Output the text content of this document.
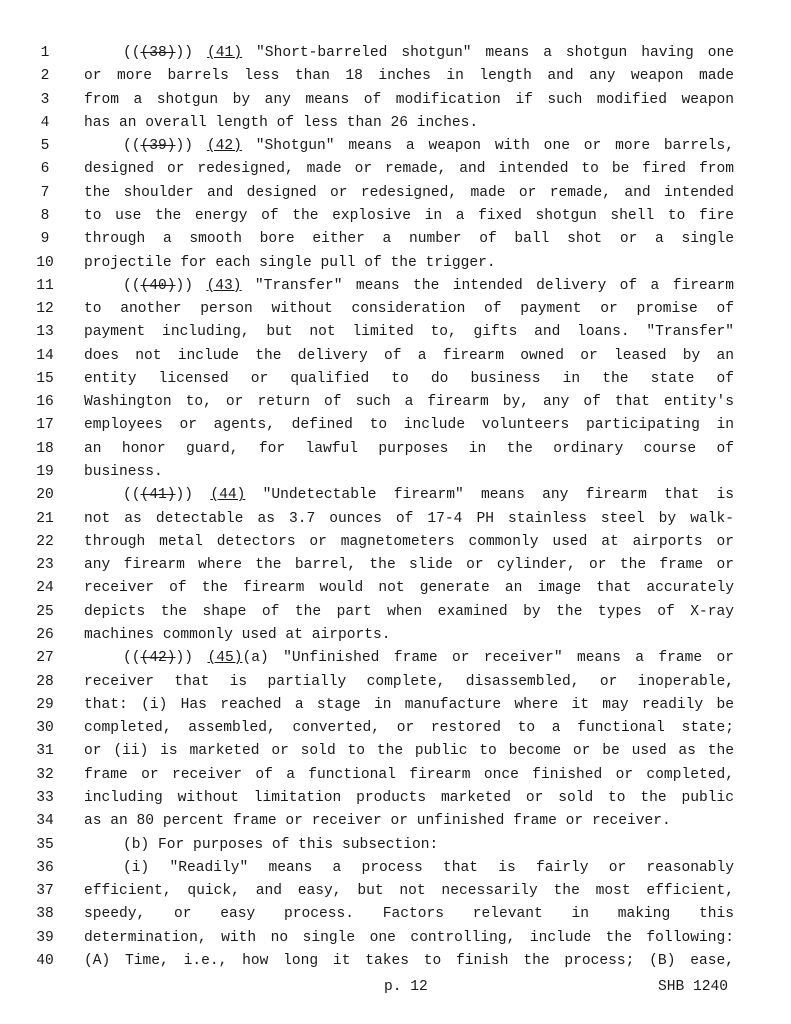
1	(((38))) (41) "Short-barreled shotgun" means a shotgun having one
2	or more barrels less than 18 inches in length and any weapon made
3	from a shotgun by any means of modification if such modified weapon
4	has an overall length of less than 26 inches.
5	(((39))) (42) "Shotgun" means a weapon with one or more barrels,
6	designed or redesigned, made or remade, and intended to be fired from
7	the shoulder and designed or redesigned, made or remade, and intended
8	to use the energy of the explosive in a fixed shotgun shell to fire
9	through a smooth bore either a number of ball shot or a single
10	projectile for each single pull of the trigger.
11	(((40))) (43) "Transfer" means the intended delivery of a firearm
12	to another person without consideration of payment or promise of
13	payment including, but not limited to, gifts and loans. "Transfer"
14	does not include the delivery of a firearm owned or leased by an
15	entity licensed or qualified to do business in the state of
16	Washington to, or return of such a firearm by, any of that entity's
17	employees or agents, defined to include volunteers participating in
18	an honor guard, for lawful purposes in the ordinary course of
19	business.
20	(((41))) (44) "Undetectable firearm" means any firearm that is
21	not as detectable as 3.7 ounces of 17-4 PH stainless steel by walk-
22	through metal detectors or magnetometers commonly used at airports or
23	any firearm where the barrel, the slide or cylinder, or the frame or
24	receiver of the firearm would not generate an image that accurately
25	depicts the shape of the part when examined by the types of X-ray
26	machines commonly used at airports.
27	(((42))) (45)(a) "Unfinished frame or receiver" means a frame or
28	receiver that is partially complete, disassembled, or inoperable,
29	that: (i) Has reached a stage in manufacture where it may readily be
30	completed, assembled, converted, or restored to a functional state;
31	or (ii) is marketed or sold to the public to become or be used as the
32	frame or receiver of a functional firearm once finished or completed,
33	including without limitation products marketed or sold to the public
34	as an 80 percent frame or receiver or unfinished frame or receiver.
35	(b) For purposes of this subsection:
36	(i) "Readily" means a process that is fairly or reasonably
37	efficient, quick, and easy, but not necessarily the most efficient,
38	speedy, or easy process. Factors relevant in making this
39	determination, with no single one controlling, include the following:
40	(A) Time, i.e., how long it takes to finish the process; (B) ease,
p. 12	SHB 1240
